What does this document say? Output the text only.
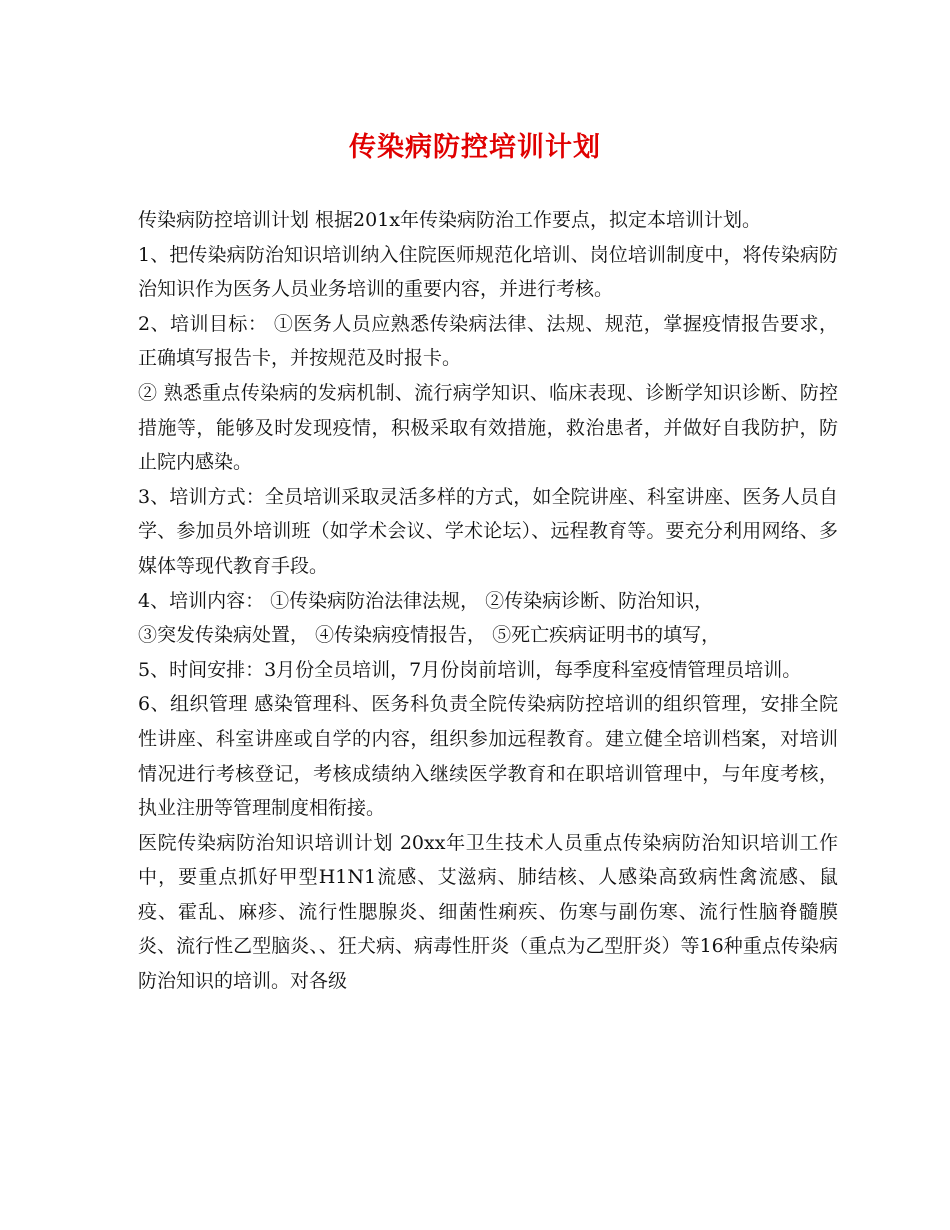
传染病防控培训计划

传染病防控培训计划 根据201x年传染病防治工作要点，拟定本培训计划。

1、把传染病防治知识培训纳入住院医师规范化培训、岗位培训制度中，将传染病防治知识作为医务人员业务培训的重要内容，并进行考核。

2、培训目标： ①医务人员应熟悉传染病法律、法规、规范，掌握疫情报告要求，正确填写报告卡，并按规范及时报卡。

② 熟悉重点传染病的发病机制、流行病学知识、临床表现、诊断学知识诊断、防控措施等，能够及时发现疫情，积极采取有效措施，救治患者，并做好自我防护，防止院内感染。

3、培训方式：全员培训采取灵活多样的方式，如全院讲座、科室讲座、医务人员自学、参加员外培训班（如学术会议、学术论坛）、远程教育等。要充分利用网络、多媒体等现代教育手段。

4、培训内容： ①传染病防治法律法规， ②传染病诊断、防治知识，

③突发传染病处置， ④传染病疫情报告， ⑤死亡疾病证明书的填写，

5、时间安排：3月份全员培训，7月份岗前培训，每季度科室疫情管理员培训。

6、组织管理 感染管理科、医务科负责全院传染病防控培训的组织管理，安排全院性讲座、科室讲座或自学的内容，组织参加远程教育。建立健全培训档案，对培训情况进行考核登记，考核成绩纳入继续医学教育和在职培训管理中，与年度考核，执业注册等管理制度相衔接。

医院传染病防治知识培训计划 20xx年卫生技术人员重点传染病防治知识培训工作中，要重点抓好甲型H1N1流感、艾滋病、肺结核、人感染高致病性禽流感、鼠疫、霍乱、麻疹、流行性腮腺炎、细菌性痢疾、伤寒与副伤寒、流行性脑脊髓膜炎、流行性乙型脑炎、、狂犬病、病毒性肝炎（重点为乙型肝炎）等16种重点传染病防治知识的培训。对各级
